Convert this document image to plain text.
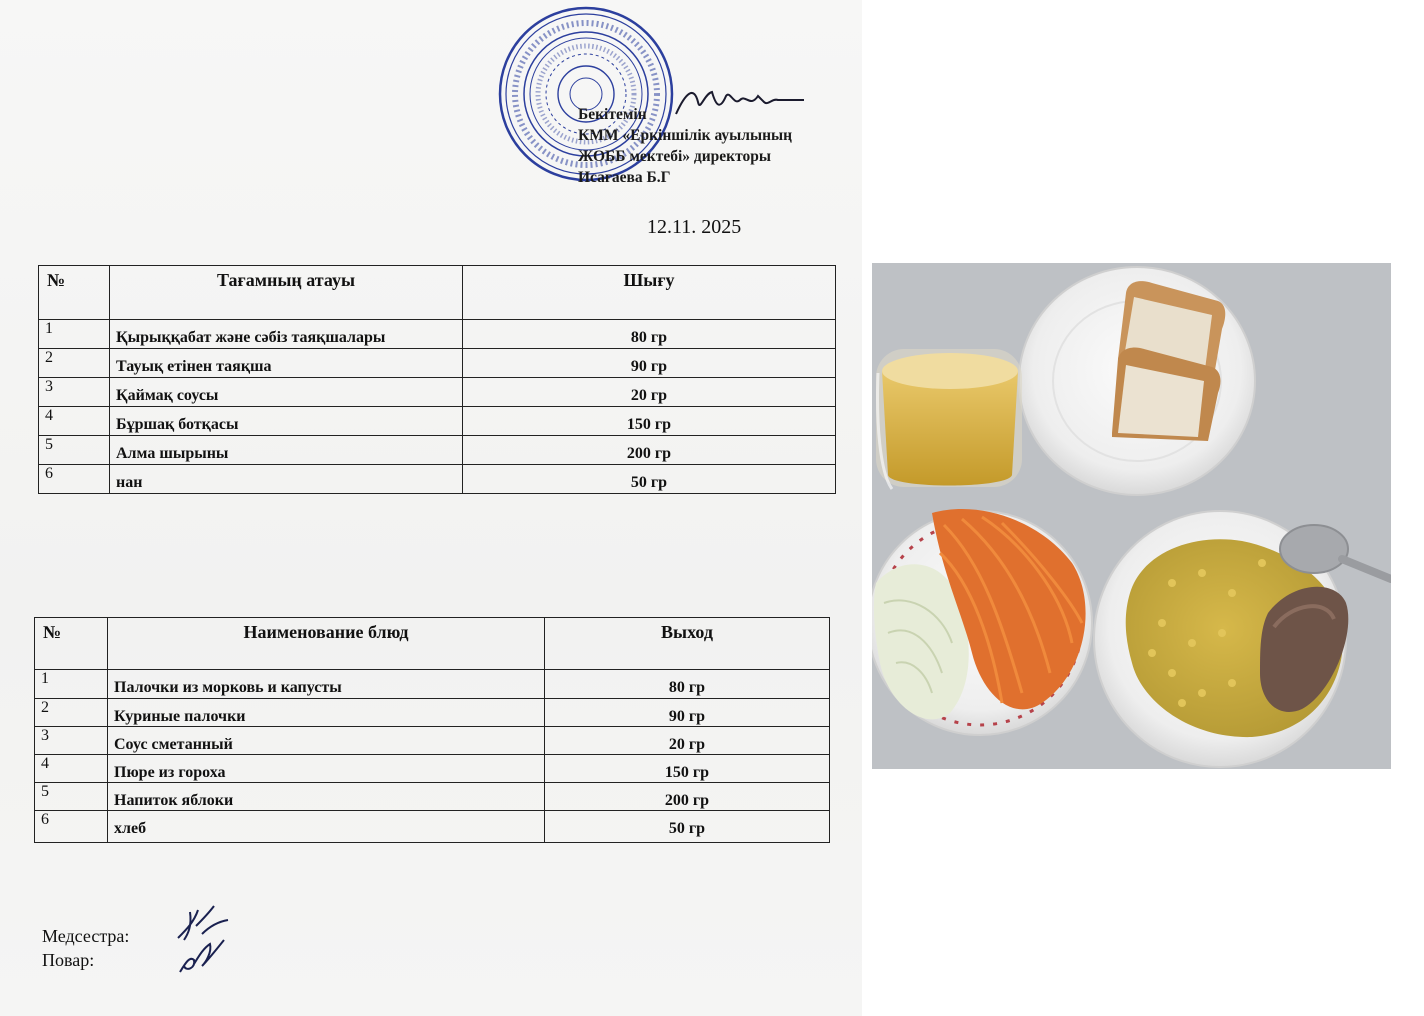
Бекітемін
КММ «Еркіншілік ауылының
ЖОББ мектебі» директоры
Исағаева Б.Г
12.11. 2025
№	Тағамның атауы	Шығу
1	Қырыққабат және сәбіз таяқшалары	80 гр
2	Тауық етінен таяқша	90 гр
3	Қаймақ соусы	20 гр
4	Бұршақ ботқасы	150 гр
5	Алма шырыны	200 гр
6	нан	50 гр
№	Наименование блюд	Выход
1	Палочки из морковь и капусты	80 гр
2	Куриные палочки	90 гр
3	Соус сметанный	20 гр
4	Пюре из гороха	150 гр
5	Напиток яблоки	200 гр
6	хлеб	50 гр
Медсестра:
Повар:
